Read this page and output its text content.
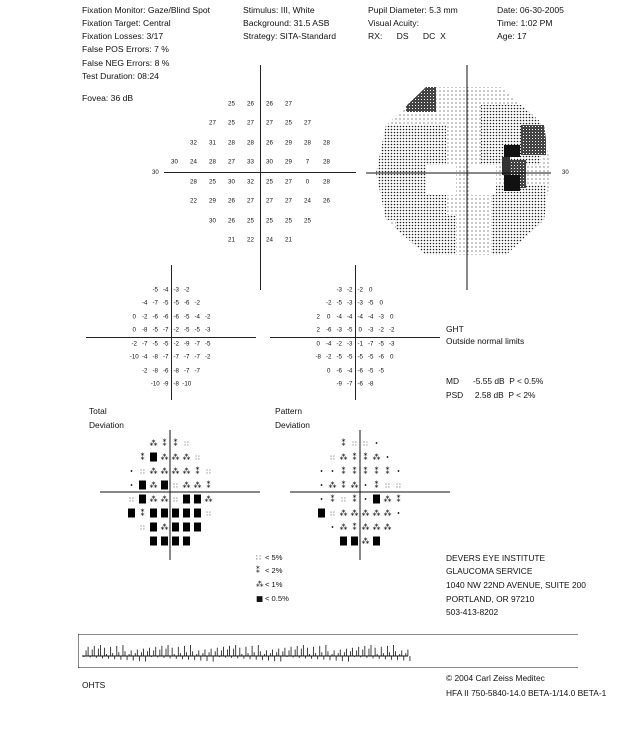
Fixation Monitor: Gaze/Blind Spot
Fixation Target: Central
Fixation Losses: 3/17
False POS Errors: 7 %
False NEG Errors: 8 %
Test Duration: 08:24
Fovea: 36 dB
Stimulus: III, White
Background: 31.5 ASB
Strategy: SITA-Standard
Pupil Diameter: 5.3 mm
Visual Acuity:
RX:      DS      DC  X
Date: 06-30-2005
Time: 1:02 PM
Age: 17
30
25 26 26 27
27 25 27 27 25 27
32 31 28 28 26 29 28 28
30 24 28 27 33 30 29 7 28
28 25 30 32 25 27 0 28
22 29 26 27 27 27 24 26
30 26 25 25 25 25
21 22 24 21
30
-5 -4 -3 -2
-4 -7 -5 -5 -6 -2
0 -2 -6 -6 -6 -5 -4 -2
0 -8 -5 -7 -2 -5 -5 -3
-2 -7 -5 -5 -2 -9 -7 -5
-10 -4 -8 -7 -7 -7 -7 -2
-2 -8 -6 -8 -7 -7
-10 -9 -8 -10
-3 -2 -2 0
-2 -5 -3 -3 -5 0
2 0 -4 -4 -4 -4 -3 0
2 -6 -3 -5 0 -3 -2 -2
0 -4 -2 -3 -1 -7 -5 -3
-8 -2 -5 -5 -5 -5 -6 0
0 -6 -4 -6 -5 -5
-9 -7 -6 -8
GHT
Outside normal limits
MD      -5.55 dB  P < 0.5%
PSD     2.58 dB  P < 2%
Total
Deviation
Pattern
Deviation
⁂ ⁑ ⁑ ∷
⁑ ⁂ ⁂ ⁂ ∷
∷ ⁂ ⁂ ⁂ ⁂ ⁑ ∷
⁂ ∷ ⁂ ⁂ ⁑
∷ ⁂ ⁂ ∷	⁂
⁑	∷
∷ ⁂
⁑ ∷ ∷
∷ ⁂ ⁑ ⁑ ⁂
⁑ ⁑ ⁑ ⁑ ⁑
⁂ ⁑ ⁂ ⁑ ∷ ∷
⁑ ∷ ⁑	⁂ ⁑
∷ ⁂ ⁂ ⁂ ⁂ ⁂
⁂ ⁑ ⁂ ⁂ ⁂
⁂
∷ < 5%
⁑ < 2%
⁂< 1%
■ < 0.5%
DEVERS EYE INSTITUTE
GLAUCOMA SERVICE
1040 NW 22ND AVENUE, SUITE 200
PORTLAND, OR 97210
503-413-8202
OHTS
© 2004 Carl Zeiss Meditec
HFA II 750-5840-14.0 BETA-1/14.0 BETA-1
